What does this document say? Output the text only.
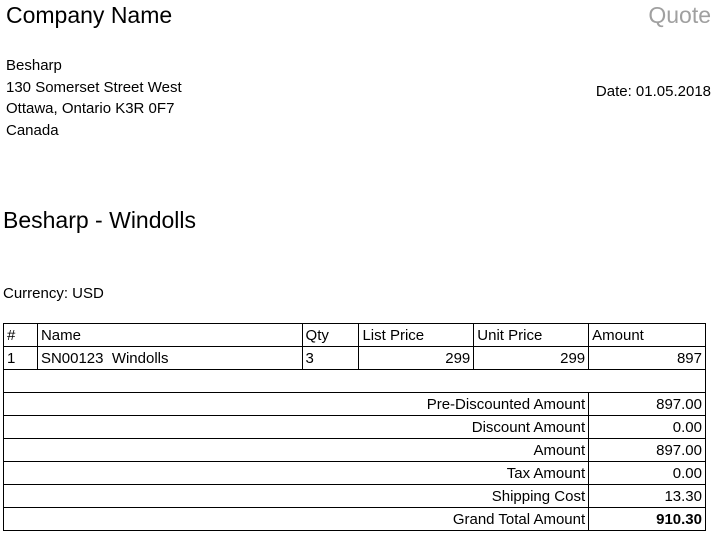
Company Name	Quote
Besharp
130 Somerset Street West
Ottawa, Ontario K3R 0F7
Canada
Date: 01.05.2018
Besharp - Windolls
Currency: USD
#	Name	Qty	List Price	Unit Price	Amount
1	SN00123  Windolls	3	299	299	897

Pre-Discounted Amount					897.00
Discount Amount					0.00
Amount					897.00
Tax Amount					0.00
Shipping Cost					13.30
Grand Total Amount					910.30
